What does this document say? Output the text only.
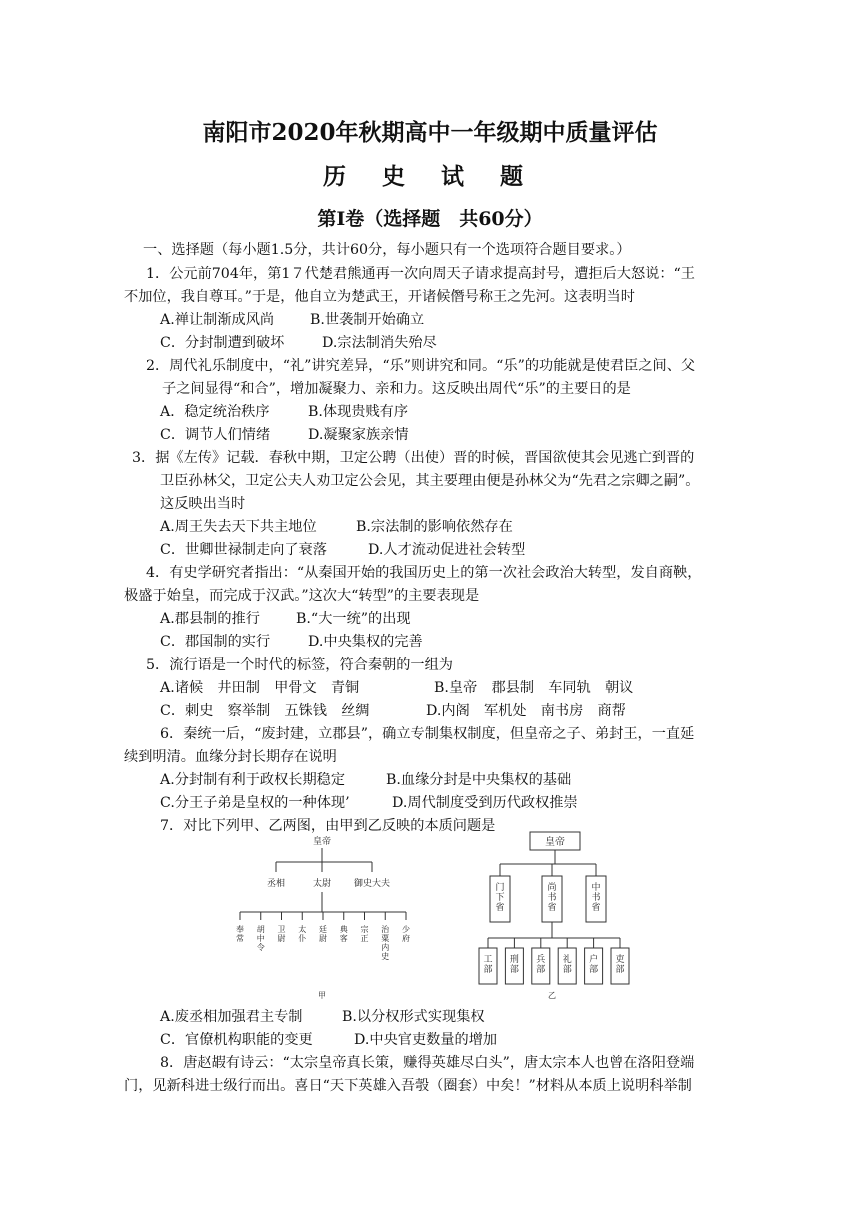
南阳市2020年秋期高中一年级期中质量评估
历 史 试 题
第Ⅰ卷（选择题　共60分）
一、选择题（每小题1.5分，共计60分，每小题只有一个选项符合题目要求。）
1．公元前704年，第1７代楚君熊通再一次向周天子请求提高封号，遭拒后大怒说：“王
不加位，我自尊耳。”于是，他自立为楚武王，开诸候僭号称王之先河。这表明当时
A.禅让制渐成风尚	B.世袭制开始确立
C．分封制遭到破坏	D.宗法制消失殆尽
2．周代礼乐制度中，“礼”讲究差异，“乐”则讲究和同。“乐”的功能就是使君臣之间、父
子之间显得“和合”，增加凝聚力、亲和力。这反映出周代“乐”的主要日的是
A．稳定统治秩序	B.体现贵贱有序
C．调节人们情绪	D.凝聚家族亲情
3．据《左传》记载．春秋中期，卫定公聘（出使）晋的时候，晋国欲使其会见逃亡到晋的
卫臣孙林父，卫定公夫人劝卫定公会见，其主要理由便是孙林父为“先君之宗卿之嗣”。
这反映出当时
A.周王失去天下共主地位	B.宗法制的影响依然存在
C．世卿世禄制走向了衰落	D.人才流动促进社会转型
4．有史学研究者指出：“从秦国开始的我国历史上的第一次社会政治大转型，发自商鞅，
极盛于始皇，而完成于汉武。”这次大“转型”的主要表现是
A.郡县制的推行	B.“大一统”的出现
C．郡国制的实行	D.中央集权的完善
5．流行语是一个时代的标签，符合秦朝的一组为
A.诸候　井田制　甲骨文　青铜	B.皇帝　郡县制　车同轨　朝议
C．刺史　察举制　五铢钱　丝绸	D.内阁　军机处　南书房　商帮
6．秦统一后，“废封建，立郡县”，确立专制集权制度，但皇帝之子、弟封王，一直延
续到明清。血缘分封长期存在说明
A.分封制有利于政权长期稳定	B.血缘分封是中央集权的基础
C.分王子弟是皇权的一种体现’	D.周代制度受到历代政权推崇
7．对比下列甲、乙两图，由甲到乙反映的本质问题是
皇帝
丞相	太尉	御史大夫
奉常
胡中令
卫尉
太仆
廷尉
典客
宗正
治粟内史
少府
甲
皇帝
门下省
尚书省
中书省
工部
刑部
兵部
礼部
户部
吏部
乙
A.废丞相加强君主专制	B.以分权形式实现集权
C．官僚机构职能的变更	D.中央官吏数量的增加
8．唐赵嘏有诗云：“太宗皇帝真长策，赚得英雄尽白头”，唐太宗本人也曾在洛阳登端
门，见新科进士级行而出。喜日“天下英雄入吾彀（圈套）中矣！”材料从本质上说明科举制
